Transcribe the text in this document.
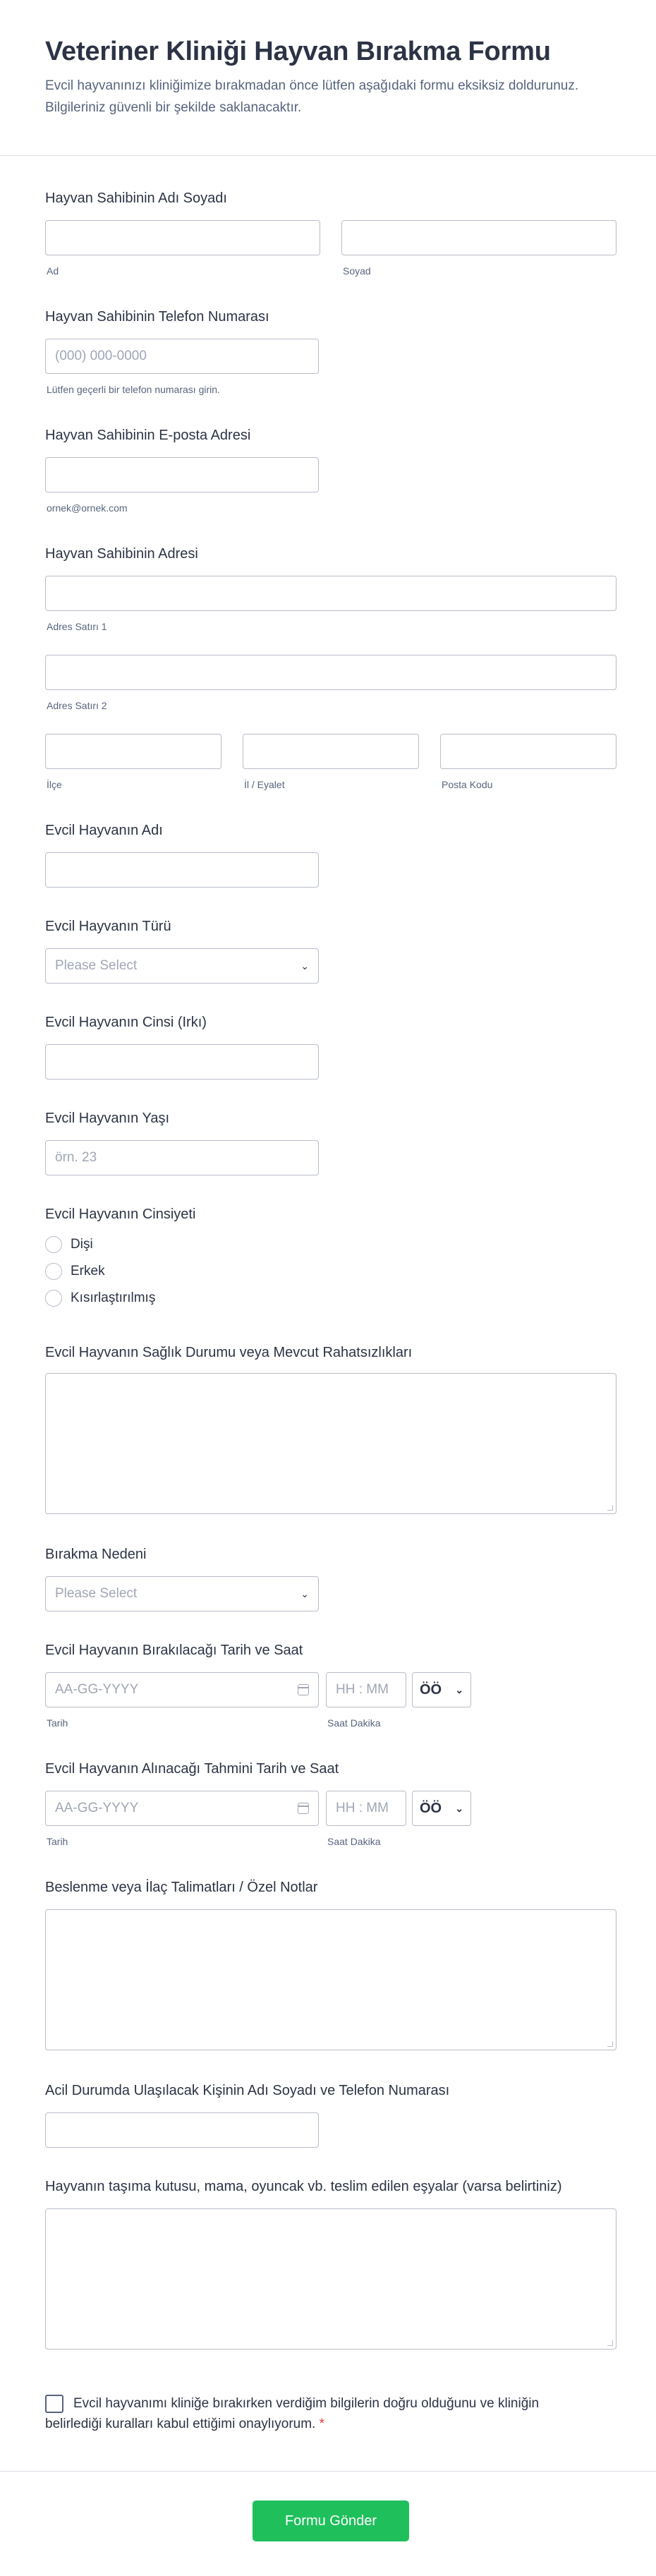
Veteriner Kliniği Hayvan Bırakma Formu
Evcil hayvanınızı kliniğimize bırakmadan önce lütfen aşağıdaki formu eksiksiz doldurunuz. Bilgileriniz güvenli bir şekilde saklanacaktır.
Hayvan Sahibinin Adı Soyadı
Ad	Soyad
Hayvan Sahibinin Telefon Numarası
(000) 000-0000
Lütfen geçerli bir telefon numarası girin.
Hayvan Sahibinin E-posta Adresi
ornek@ornek.com
Hayvan Sahibinin Adresi
Adres Satırı 1
Adres Satırı 2
İlçe	İl / Eyalet	Posta Kodu
Evcil Hayvanın Adı
Evcil Hayvanın Türü
Please Select	⌄
Evcil Hayvanın Cinsi (Irkı)
Evcil Hayvanın Yaşı
örn. 23
Evcil Hayvanın Cinsiyeti
Dişi
Erkek
Kısırlaştırılmış
Evcil Hayvanın Sağlık Durumu veya Mevcut Rahatsızlıkları
Bırakma Nedeni
Please Select	⌄
Evcil Hayvanın Bırakılacağı Tarih ve Saat
AA-GG-YYYY	HH : MM	ÖÖ ⌄
Tarih	Saat Dakika
Evcil Hayvanın Alınacağı Tahmini Tarih ve Saat
AA-GG-YYYY	HH : MM	ÖÖ ⌄
Tarih	Saat Dakika
Beslenme veya İlaç Talimatları / Özel Notlar
Acil Durumda Ulaşılacak Kişinin Adı Soyadı ve Telefon Numarası
Hayvanın taşıma kutusu, mama, oyuncak vb. teslim edilen eşyalar (varsa belirtiniz)
Evcil hayvanımı kliniğe bırakırken verdiğim bilgilerin doğru olduğunu ve kliniğin belirlediği kuralları kabul ettiğimi onaylıyorum. *
Formu Gönder
